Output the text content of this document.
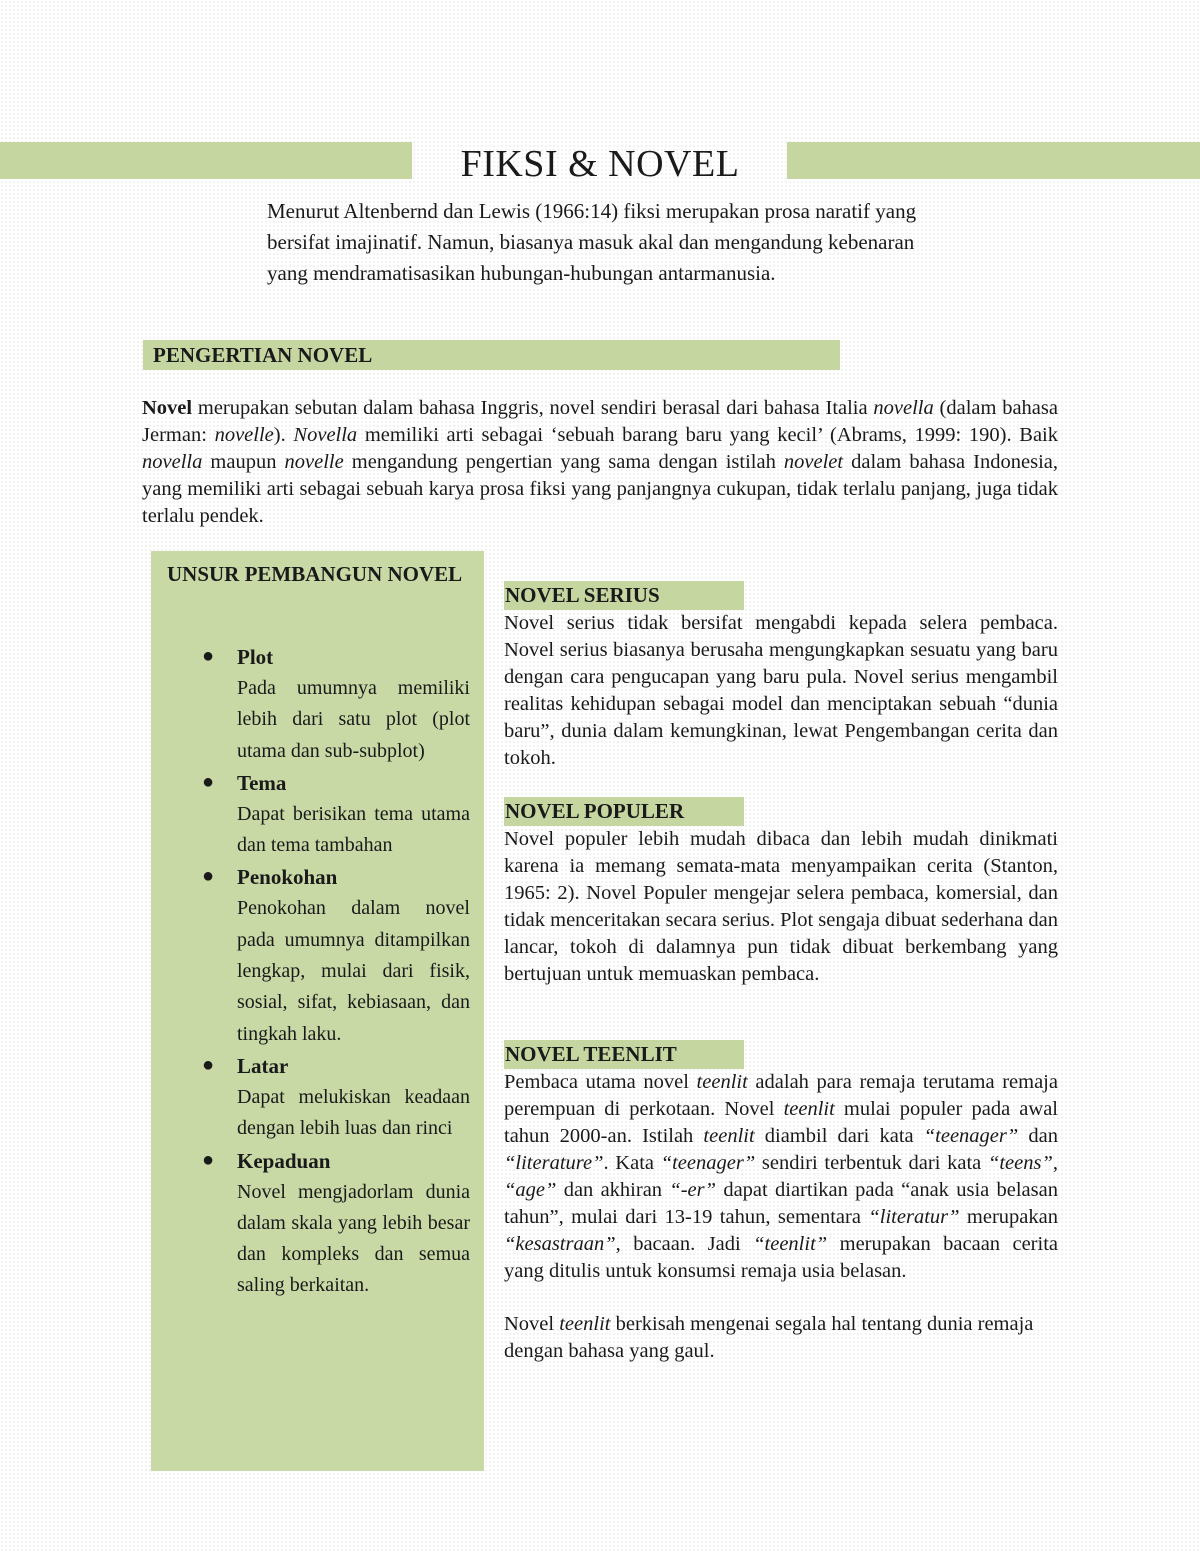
FIKSI & NOVEL
Menurut Altenbernd dan Lewis (1966:14) fiksi merupakan prosa naratif yang bersifat imajinatif. Namun, biasanya masuk akal dan mengandung kebenaran yang mendramatisasikan hubungan-hubungan antarmanusia.
PENGERTIAN NOVEL
Novel merupakan sebutan dalam bahasa Inggris, novel sendiri berasal dari bahasa Italia novella (dalam bahasa Jerman: novelle). Novella memiliki arti sebagai ‘sebuah barang baru yang kecil’ (Abrams, 1999: 190). Baik novella maupun novelle mengandung pengertian yang sama dengan istilah novelet dalam bahasa Indonesia, yang memiliki arti sebagai sebuah karya prosa fiksi yang panjangnya cukupan, tidak terlalu panjang, juga tidak terlalu pendek.
UNSUR PEMBANGUN NOVEL
● Plot
Pada umumnya memiliki lebih dari satu plot (plot utama dan sub-subplot)
● Tema
Dapat berisikan tema utama dan tema tambahan
● Penokohan
Penokohan dalam novel pada umumnya ditampilkan lengkap, mulai dari fisik, sosial, sifat, kebiasaan, dan tingkah laku.
● Latar
Dapat melukiskan keadaan dengan lebih luas dan rinci
● Kepaduan
Novel mengjadorlam dunia dalam skala yang lebih besar dan kompleks dan semua saling berkaitan.
NOVEL SERIUS
Novel serius tidak bersifat mengabdi kepada selera pembaca. Novel serius biasanya berusaha mengungkapkan sesuatu yang baru dengan cara pengucapan yang baru pula. Novel serius mengambil realitas kehidupan sebagai model dan menciptakan sebuah “dunia baru”, dunia dalam kemungkinan, lewat Pengembangan cerita dan tokoh.
NOVEL POPULER
Novel populer lebih mudah dibaca dan lebih mudah dinikmati karena ia memang semata-mata menyampaikan cerita (Stanton, 1965: 2). Novel Populer mengejar selera pembaca, komersial, dan tidak menceritakan secara serius. Plot sengaja dibuat sederhana dan lancar, tokoh di dalamnya pun tidak dibuat berkembang yang bertujuan untuk memuaskan pembaca.
NOVEL TEENLIT
Pembaca utama novel teenlit adalah para remaja terutama remaja perempuan di perkotaan. Novel teenlit mulai populer pada awal tahun 2000-an. Istilah teenlit diambil dari kata “teenager” dan “literature”. Kata “teenager” sendiri terbentuk dari kata “teens”, “age” dan akhiran “-er” dapat diartikan pada “anak usia belasan tahun”, mulai dari 13-19 tahun, sementara “literatur” merupakan “kesastraan”, bacaan. Jadi “teenlit” merupakan bacaan cerita yang ditulis untuk konsumsi remaja usia belasan.
Novel teenlit berkisah mengenai segala hal tentang dunia remaja dengan bahasa yang gaul.
